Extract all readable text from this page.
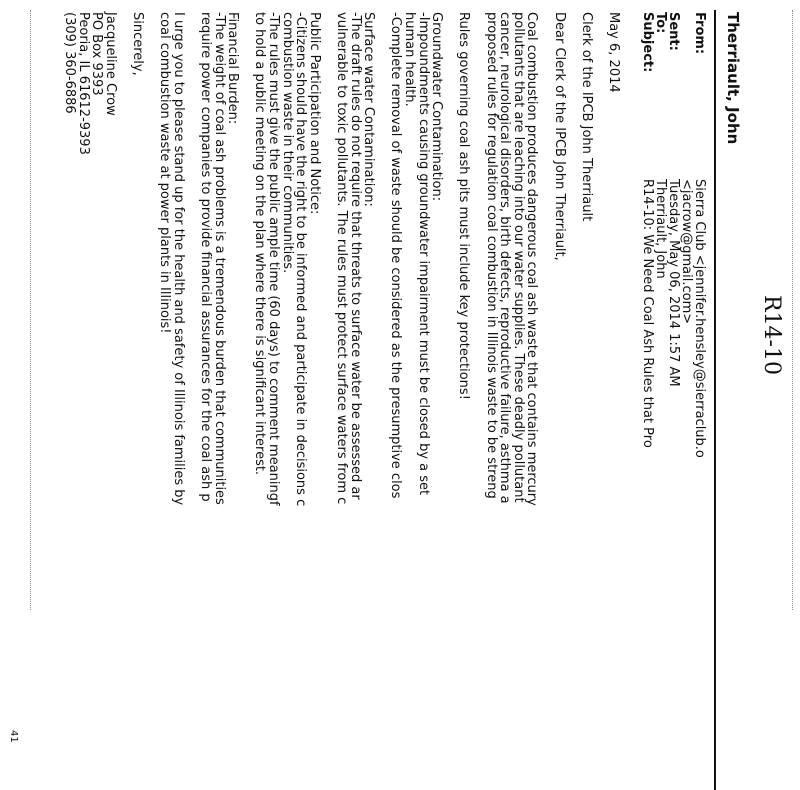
R14-10
Therriault, John
From:
Sierra Club <jennifer.hensley@sierraclub.o
<jacrow@gmail.com>
Sent:
Tuesday, May 06, 2014 1:57 AM
To:
Therriault, John
Subject:
R14-10: We Need Coal Ash Rules that Pro
May 6, 2014
Clerk of the IPCB John Therriault
Dear Clerk of the IPCB John Therriault,
Coal combustion produces dangerous coal ash waste that contains mercury
pollutants that are leaching into our water supplies. These deadly pollutant
cancer, neurological disorders, birth defects, reproductive failure, asthma a
proposed rules for regulation coal combustion in Illinois waste to be streng
Rules governing coal ash pits must include key protections!
Groundwater Contamination:
-Impoundments causing groundwater impairment must be closed by a set
human health.
-Complete removal of waste should be considered as the presumptive clos
Surface water Contamination:
-The draft rules do not require that threats to surface water be assessed ar
vulnerable to toxic pollutants. The rules must protect surface waters from c
Public Participation and Notice:
-Citizens should have the right to be informed and participate in decisions c
combustion waste in their communities.
-The rules must give the public ample time (60 days) to comment meaningf
to hold a public meeting on the plan where there is significant interest.
Financial Burden:
-The weight of coal ash problems is a tremendous burden that communities
require power companies to provide financial assurances for the coal ash p
I urge you to please stand up for the health and safety of Illinois families by
coal combustion waste at power plants in Illinois!
Sincerely,
Jacqueline Crow
PO Box 9393
Peoria, IL 61612-9393
(309) 360-6886
41
